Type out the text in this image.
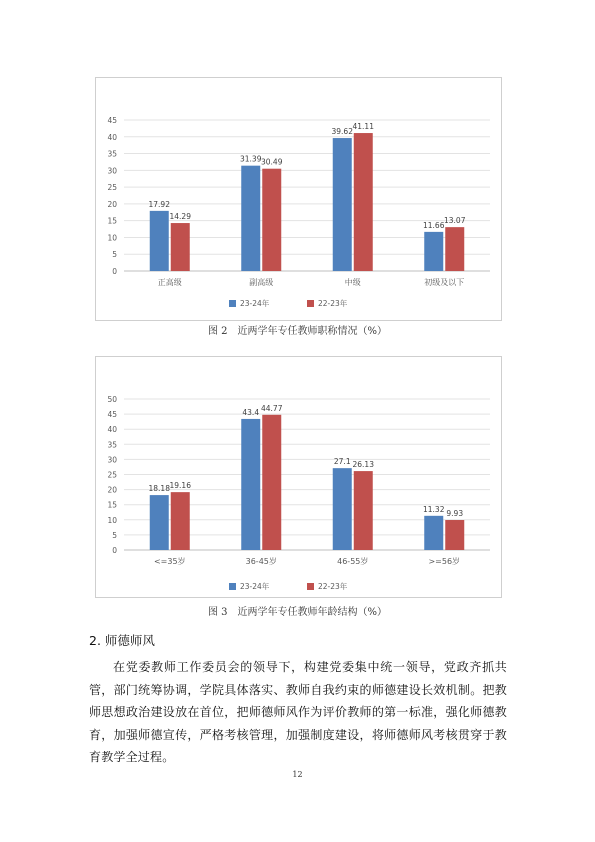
0
5
10
15
20
25
30
35
40
45
17.92
14.29
正高级
31.39 30.49
副高级
39.62
41.11
中级
11.66
13.07
初级及以下
23-24年	22-23年
图 2　近两学年专任教师职称情况（%）
0
5
10
15
20
25
30
35
40
45
50
18.18 19.16
<=35岁
43.4 44.77
36-45岁
27.1 26.13
46-55岁
11.32 9.93
>=56岁
23-24年	22-23年
图 3　近两学年专任教师年龄结构（%）
2. 师德师风
在党委教师工作委员会的领导下，构建党委集中统一领导，党政齐抓共管，部门统筹协调，学院具体落实、教师自我约束的师德建设长效机制。把教师思想政治建设放在首位，把师德师风作为评价教师的第一标准，强化师德教育，加强师德宣传，严格考核管理，加强制度建设，将师德师风考核贯穿于教育教学全过程。
12
